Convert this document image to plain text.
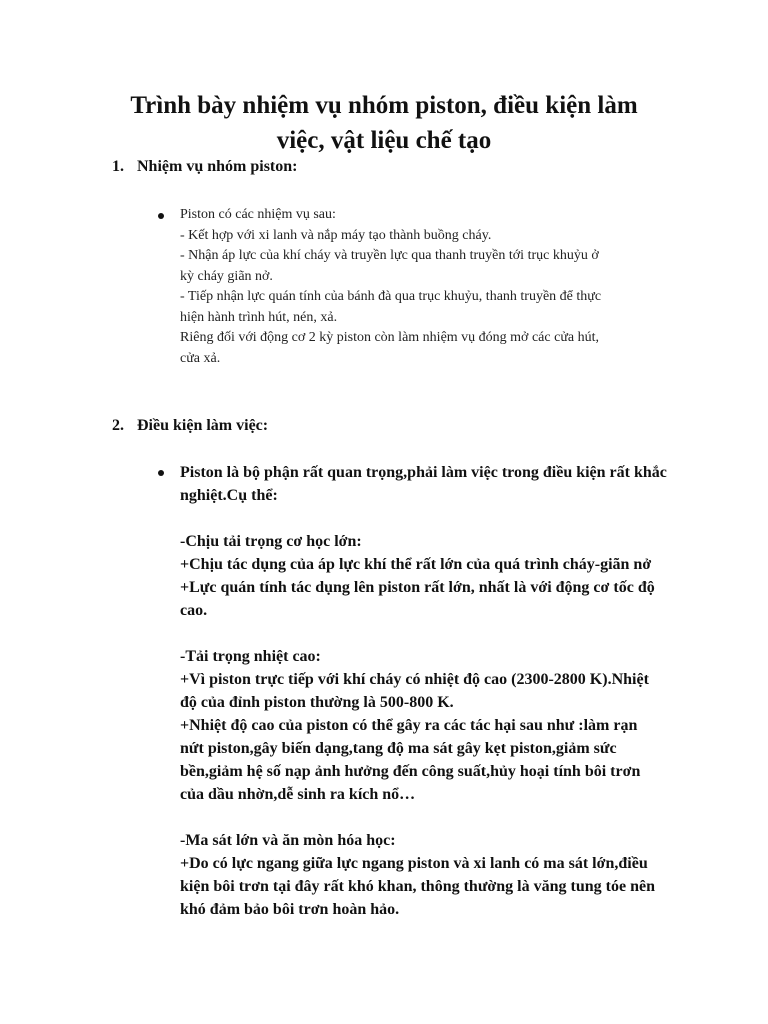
Trình bày nhiệm vụ nhóm piston, điều kiện làm
việc, vật liệu chế tạo
1. Nhiệm vụ nhóm piston:
Piston có các nhiệm vụ sau:
- Kết hợp với xi lanh và nắp máy tạo thành buồng cháy.
- Nhận áp lực của khí cháy và truyền lực qua thanh truyền tới trục khuỷu ở
kỳ cháy giãn nở.
- Tiếp nhận lực quán tính của bánh đà qua trục khuỷu, thanh truyền để thực
hiện hành trình hút, nén, xả.
Riêng đối với động cơ 2 kỳ piston còn làm nhiệm vụ đóng mở các cửa hút,
cửa xả.
2. Điều kiện làm việc:
Piston là bộ phận rất quan trọng,phải làm việc trong điều kiện rất khắc
nghiệt.Cụ thể:
-Chịu tải trọng cơ học lớn:
+Chịu tác dụng của áp lực khí thể rất lớn của quá trình cháy-giãn nở
+Lực quán tính tác dụng lên piston rất lớn, nhất là với động cơ tốc độ
cao.
-Tải trọng nhiệt cao:
+Vì piston trực tiếp với khí cháy có nhiệt độ cao (2300-2800 K).Nhiệt
độ của đỉnh piston thường là 500-800 K.
+Nhiệt độ cao của piston có thể gây ra các tác hại sau như :làm rạn
nứt piston,gây biến dạng,tang độ ma sát gây kẹt piston,giảm sức
bền,giảm hệ số nạp ảnh hưởng đến công suất,hủy hoại tính bôi trơn
của dầu nhờn,dễ sinh ra kích nổ…
-Ma sát lớn và ăn mòn hóa học:
+Do có lực ngang giữa lực ngang piston và xi lanh có ma sát lớn,điều
kiện bôi trơn tại đây rất khó khan, thông thường là văng tung tóe nên
khó đảm bảo bôi trơn hoàn hảo.
